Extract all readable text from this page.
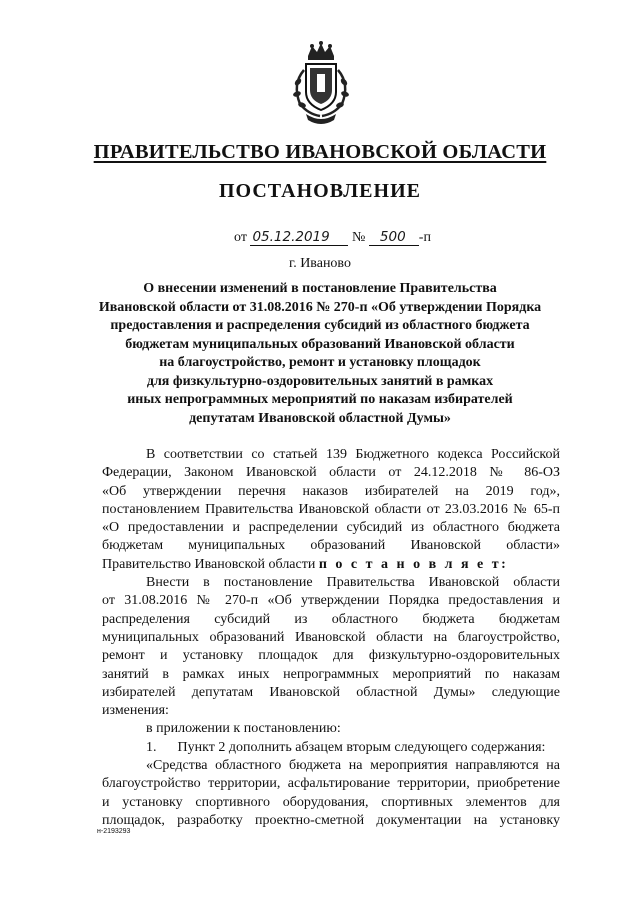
ПРАВИТЕЛЬСТВО ИВАНОВСКОЙ ОБЛАСТИ
ПОСТАНОВЛЕНИЕ
от 05.12.2019 № 500 -п
г. Иваново
О внесении изменений в постановление Правительства
Ивановской области от 31.08.2016 № 270-п «Об утверждении Порядка
предоставления и распределения субсидий из областного бюджета
бюджетам муниципальных образований Ивановской области
на благоустройство, ремонт и установку площадок
для физкультурно-оздоровительных занятий в рамках
иных непрограммных мероприятий по наказам избирателей
депутатам Ивановской областной Думы»
В соответствии со статьей 139 Бюджетного кодекса Российской
Федерации, Законом Ивановской области от 24.12.2018 № 86-ОЗ
«Об утверждении перечня наказов избирателей на 2019 год»,
постановлением Правительства Ивановской области от 23.03.2016 № 65-п
«О предоставлении и распределении субсидий из областного бюджета
бюджетам муниципальных образований Ивановской области»
Правительство Ивановской области п о с т а н о в л я е т:
Внести в постановление Правительства Ивановской области
от 31.08.2016 № 270-п «Об утверждении Порядка предоставления и
распределения субсидий из областного бюджета бюджетам
муниципальных образований Ивановской области на благоустройство,
ремонт и установку площадок для физкультурно-оздоровительных
занятий в рамках иных непрограммных мероприятий по наказам
избирателей депутатам Ивановской областной Думы» следующие
изменения:
в приложении к постановлению:
1.      Пункт 2 дополнить абзацем вторым следующего содержания:
«Средства областного бюджета на мероприятия направляются на
благоустройство территории, асфальтирование территории, приобретение
и установку спортивного оборудования, спортивных элементов для
площадок, разработку проектно-сметной документации на установку
н-2193293
